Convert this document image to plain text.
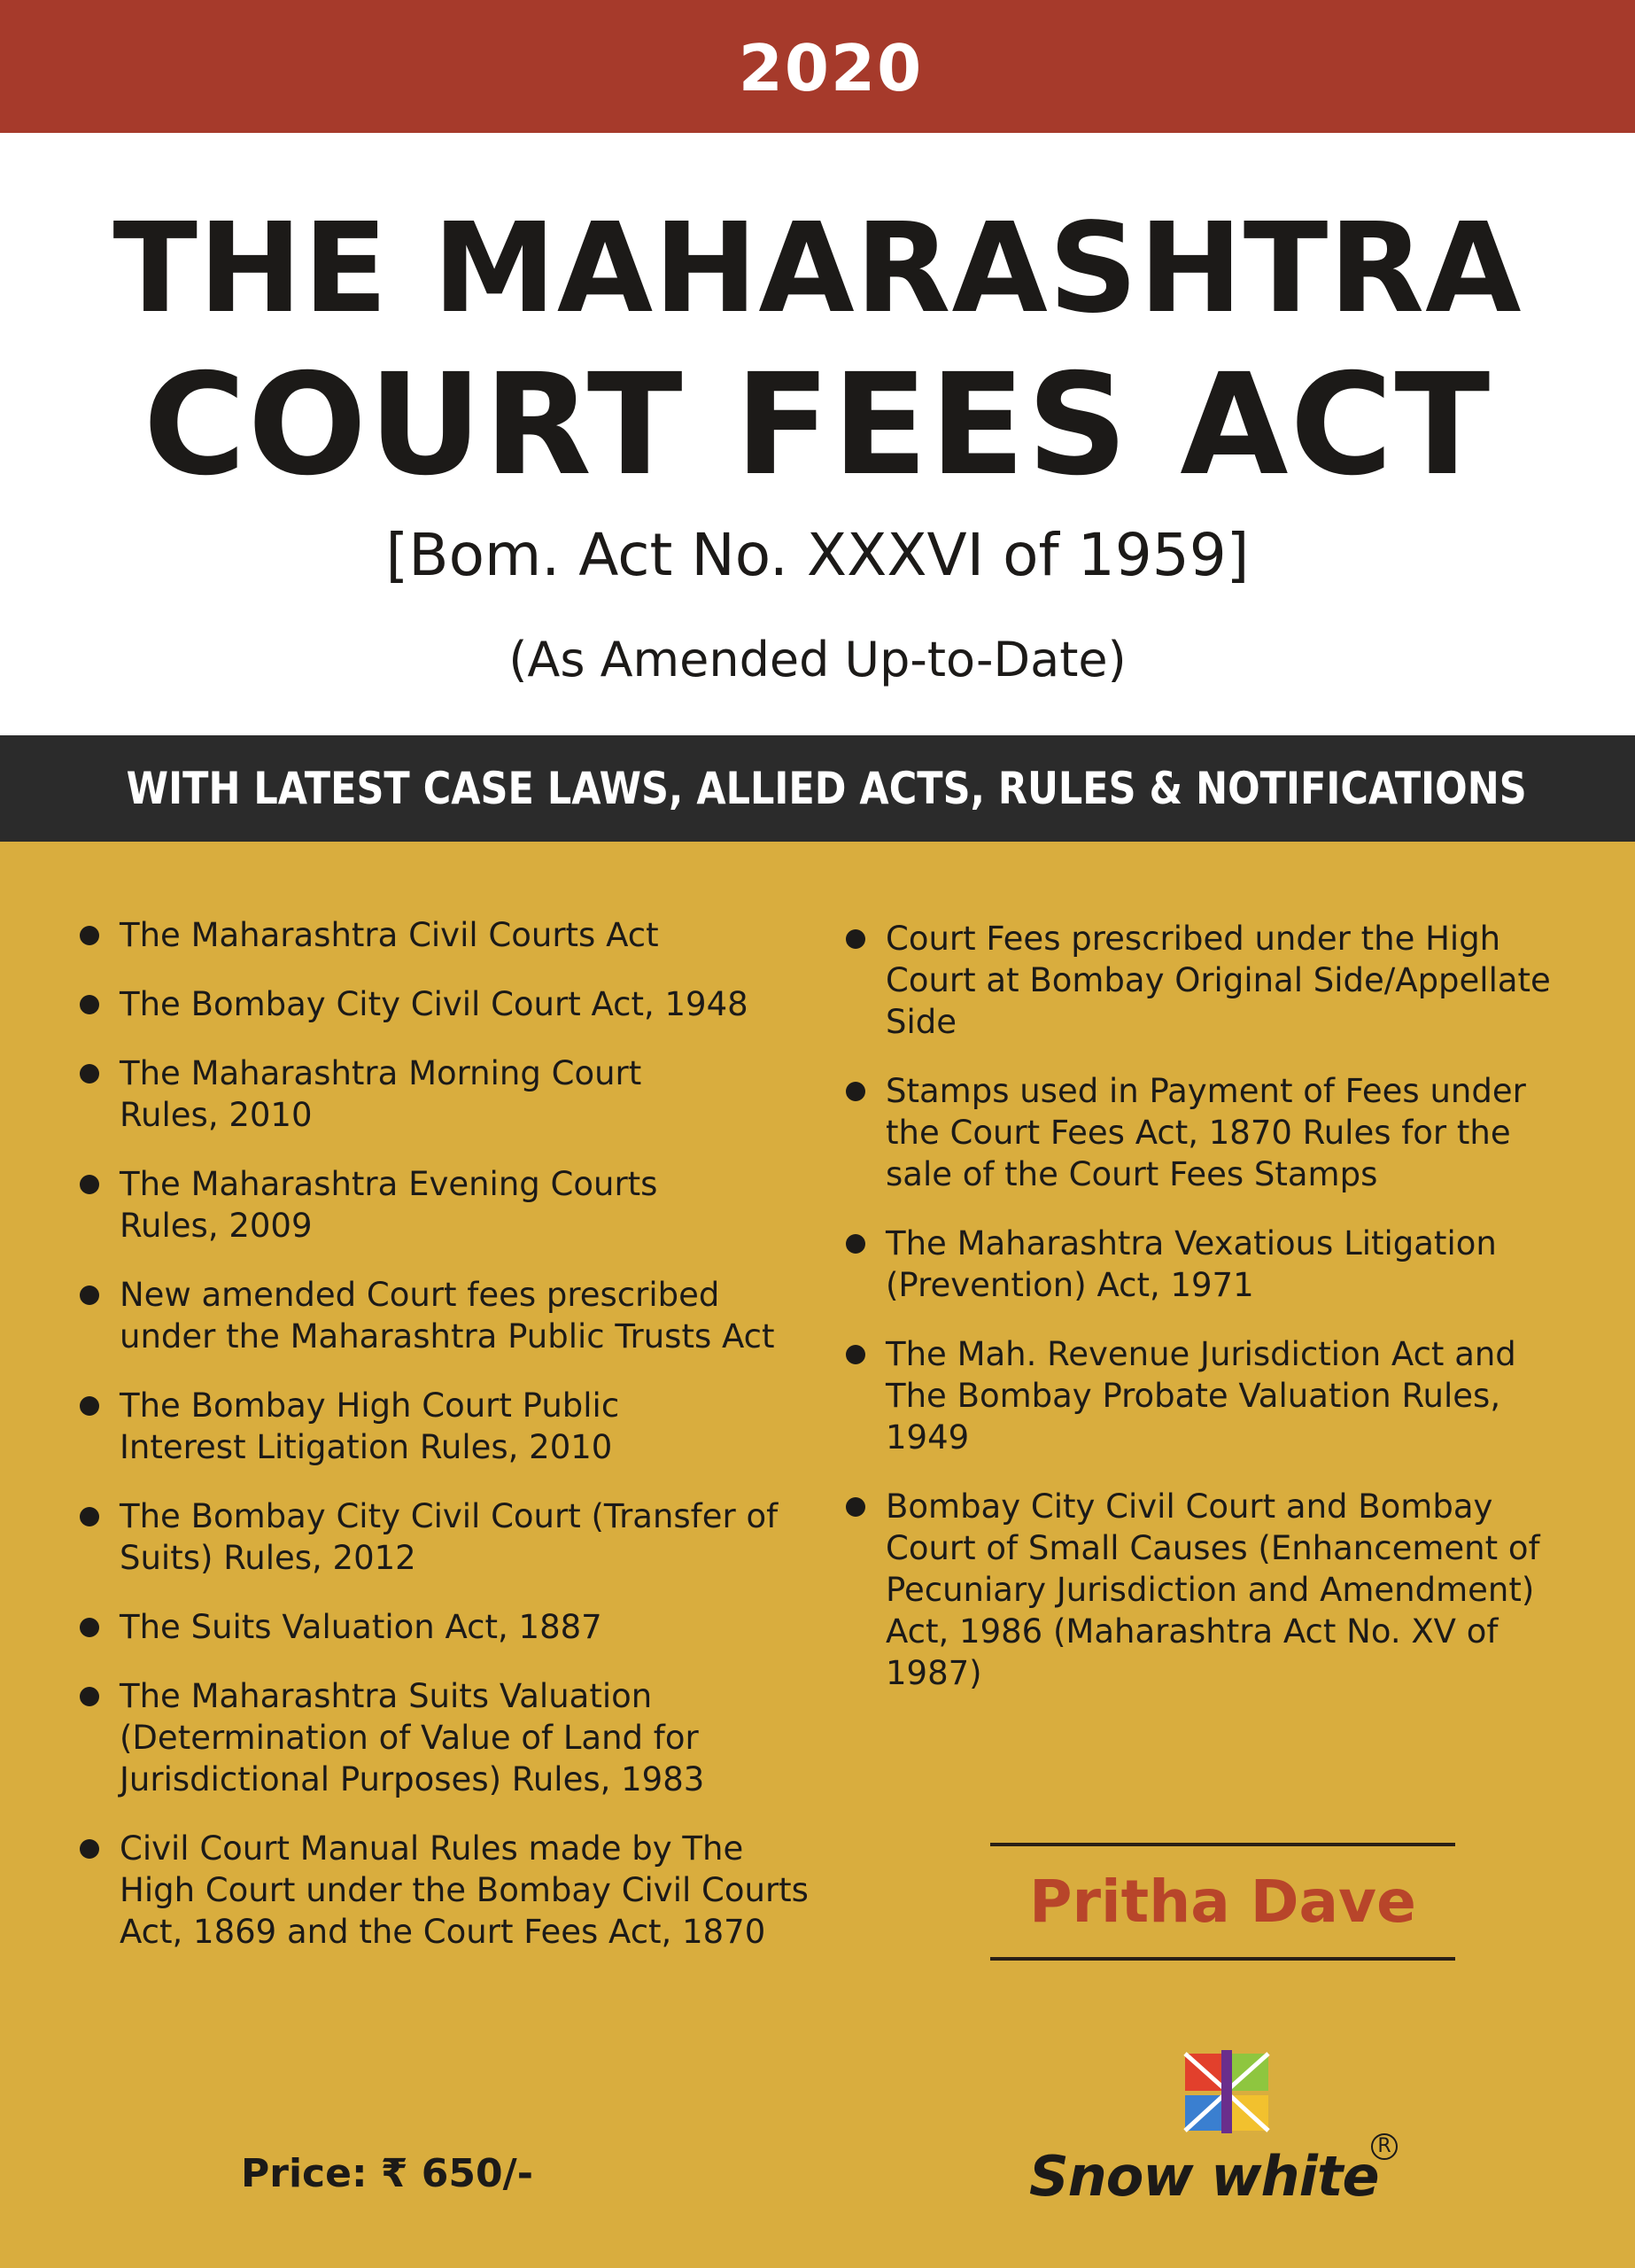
2020
THE MAHARASHTRA
COURT FEES ACT
[Bom. Act No. XXXVI of 1959]
(As Amended Up-to-Date)
WITH LATEST CASE LAWS, ALLIED ACTS, RULES & NOTIFICATIONS
The Maharashtra Civil Courts Act
The Bombay City Civil Court Act, 1948
The Maharashtra Morning Court Rules, 2010
The Maharashtra Evening Courts Rules, 2009
New amended Court fees prescribed under the Maharashtra Public Trusts Act
The Bombay High Court Public Interest Litigation Rules, 2010
The Bombay City Civil Court (Transfer of Suits) Rules, 2012
The Suits Valuation Act, 1887
The Maharashtra Suits Valuation (Determination of Value of Land for Jurisdictional Purposes) Rules, 1983
Civil Court Manual Rules made by The High Court under the Bombay Civil Courts Act, 1869 and the Court Fees Act, 1870
Court Fees prescribed under the High Court at Bombay Original Side/Appellate Side
Stamps used in Payment of Fees under the Court Fees Act, 1870 Rules for the sale of the Court Fees Stamps
The Maharashtra Vexatious Litigation (Prevention) Act, 1971
The Mah. Revenue Jurisdiction Act and The Bombay Probate Valuation Rules, 1949
Bombay City Civil Court and Bombay Court of Small Causes (Enhancement of Pecuniary Jurisdiction and Amendment) Act, 1986 (Maharashtra Act No. XV of 1987)
Pritha Dave
Price: ₹ 650/-	Snow white
R
